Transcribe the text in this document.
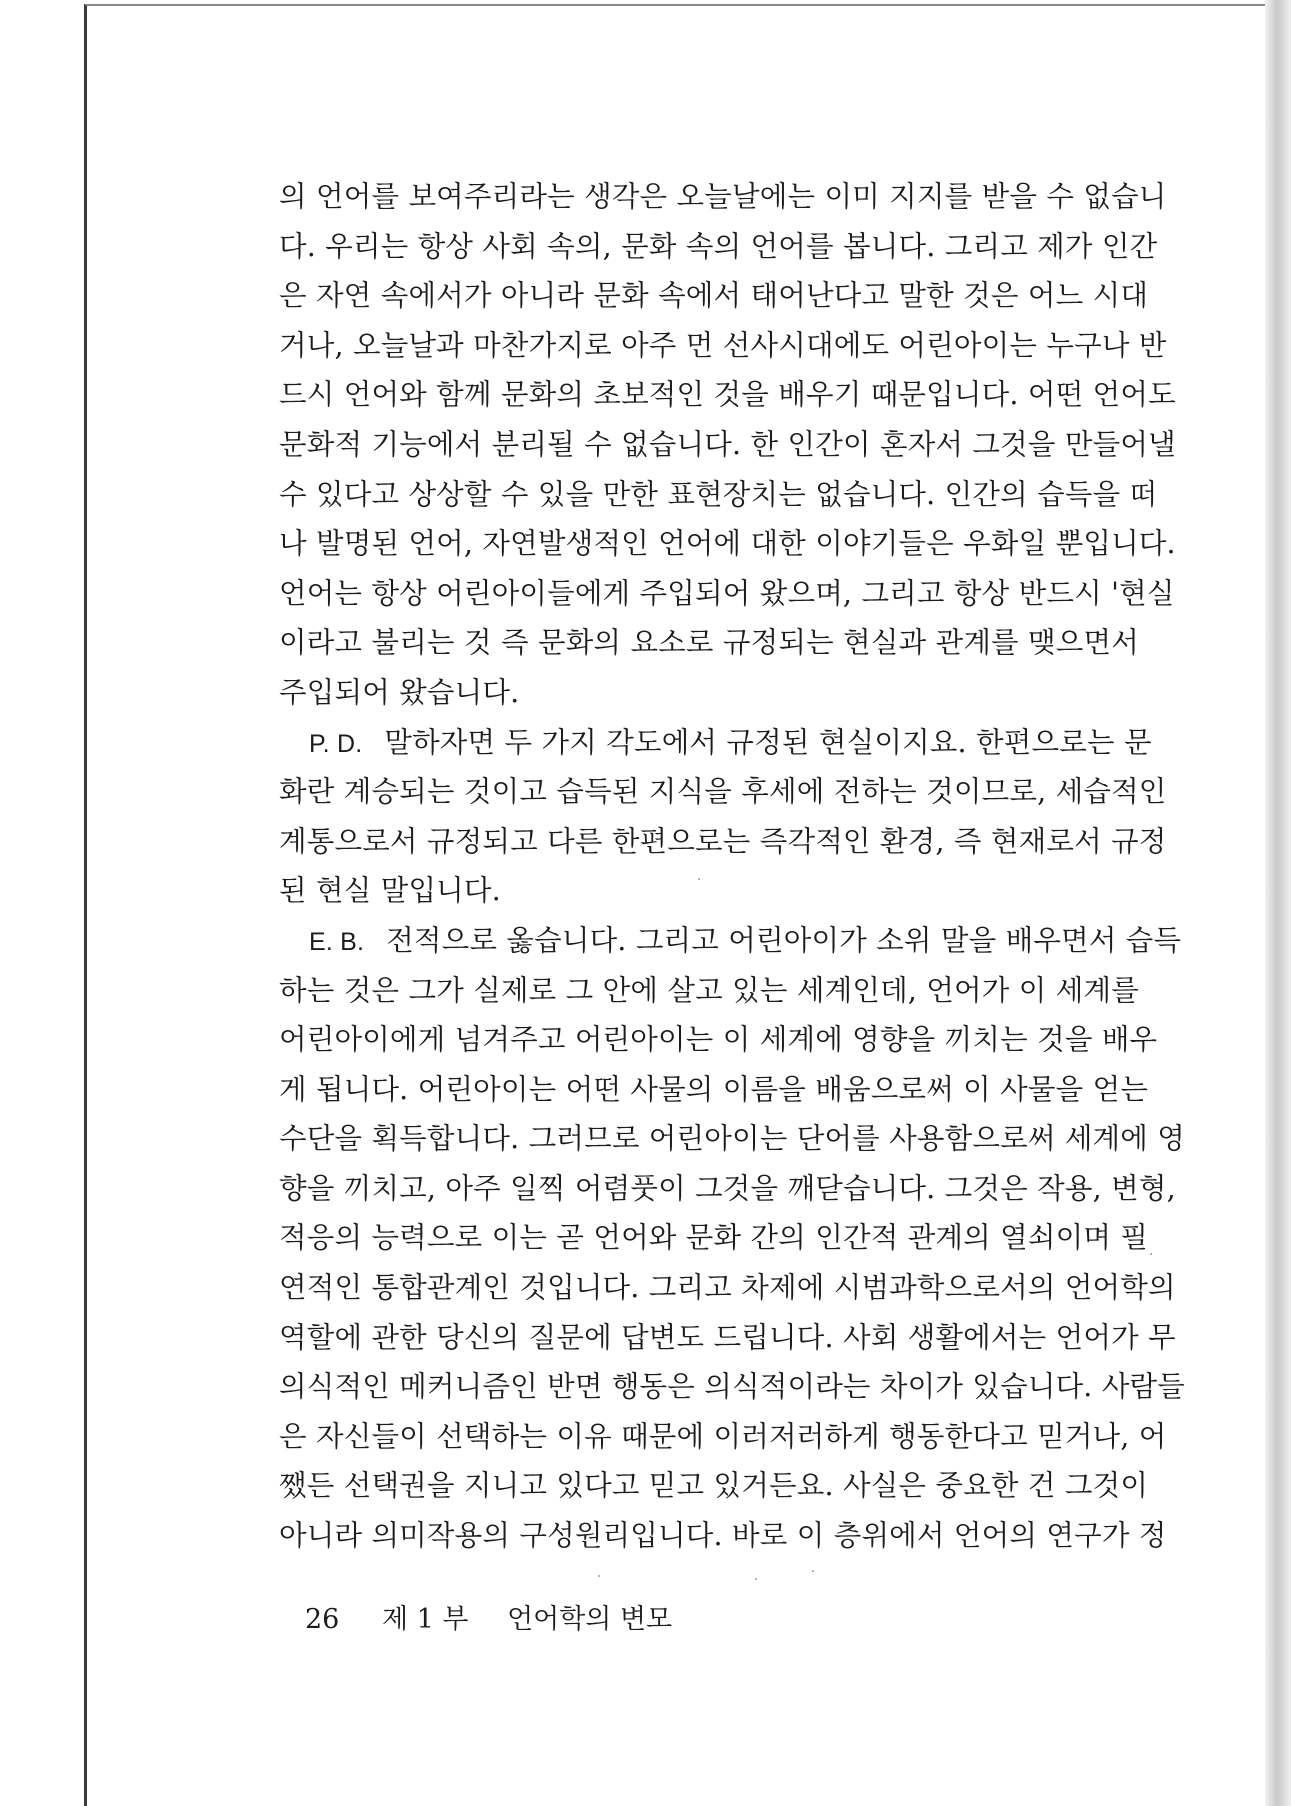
의 언어를 보여주리라는 생각은 오늘날에는 이미 지지를 받을 수 없습니
다. 우리는 항상 사회 속의, 문화 속의 언어를 봅니다. 그리고 제가 인간
은 자연 속에서가 아니라 문화 속에서 태어난다고 말한 것은 어느 시대
거나, 오늘날과 마찬가지로 아주 먼 선사시대에도 어린아이는 누구나 반
드시 언어와 함께 문화의 초보적인 것을 배우기 때문입니다. 어떤 언어도
문화적 기능에서 분리될 수 없습니다. 한 인간이 혼자서 그것을 만들어낼
수 있다고 상상할 수 있을 만한 표현장치는 없습니다. 인간의 습득을 떠
나 발명된 언어, 자연발생적인 언어에 대한 이야기들은 우화일 뿐입니다.
언어는 항상 어린아이들에게 주입되어 왔으며, 그리고 항상 반드시 '현실
이라고 불리는 것 즉 문화의 요소로 규정되는 현실과 관계를 맺으면서
주입되어 왔습니다.
P. D. 말하자면 두 가지 각도에서 규정된 현실이지요. 한편으로는 문
화란 계승되는 것이고 습득된 지식을 후세에 전하는 것이므로, 세습적인
계통으로서 규정되고 다른 한편으로는 즉각적인 환경, 즉 현재로서 규정
된 현실 말입니다.
E. B. 전적으로 옳습니다. 그리고 어린아이가 소위 말을 배우면서 습득
하는 것은 그가 실제로 그 안에 살고 있는 세계인데, 언어가 이 세계를
어린아이에게 넘겨주고 어린아이는 이 세계에 영향을 끼치는 것을 배우
게 됩니다. 어린아이는 어떤 사물의 이름을 배움으로써 이 사물을 얻는
수단을 획득합니다. 그러므로 어린아이는 단어를 사용함으로써 세계에 영
향을 끼치고, 아주 일찍 어렴풋이 그것을 깨닫습니다. 그것은 작용, 변형,
적응의 능력으로 이는 곧 언어와 문화 간의 인간적 관계의 열쇠이며 필
연적인 통합관계인 것입니다. 그리고 차제에 시범과학으로서의 언어학의
역할에 관한 당신의 질문에 답변도 드립니다. 사회 생활에서는 언어가 무
의식적인 메커니즘인 반면 행동은 의식적이라는 차이가 있습니다. 사람들
은 자신들이 선택하는 이유 때문에 이러저러하게 행동한다고 믿거나, 어
쨌든 선택권을 지니고 있다고 믿고 있거든요. 사실은 중요한 건 그것이
아니라 의미작용의 구성원리입니다. 바로 이 층위에서 언어의 연구가 정
26 제 1 부 언어학의 변모
